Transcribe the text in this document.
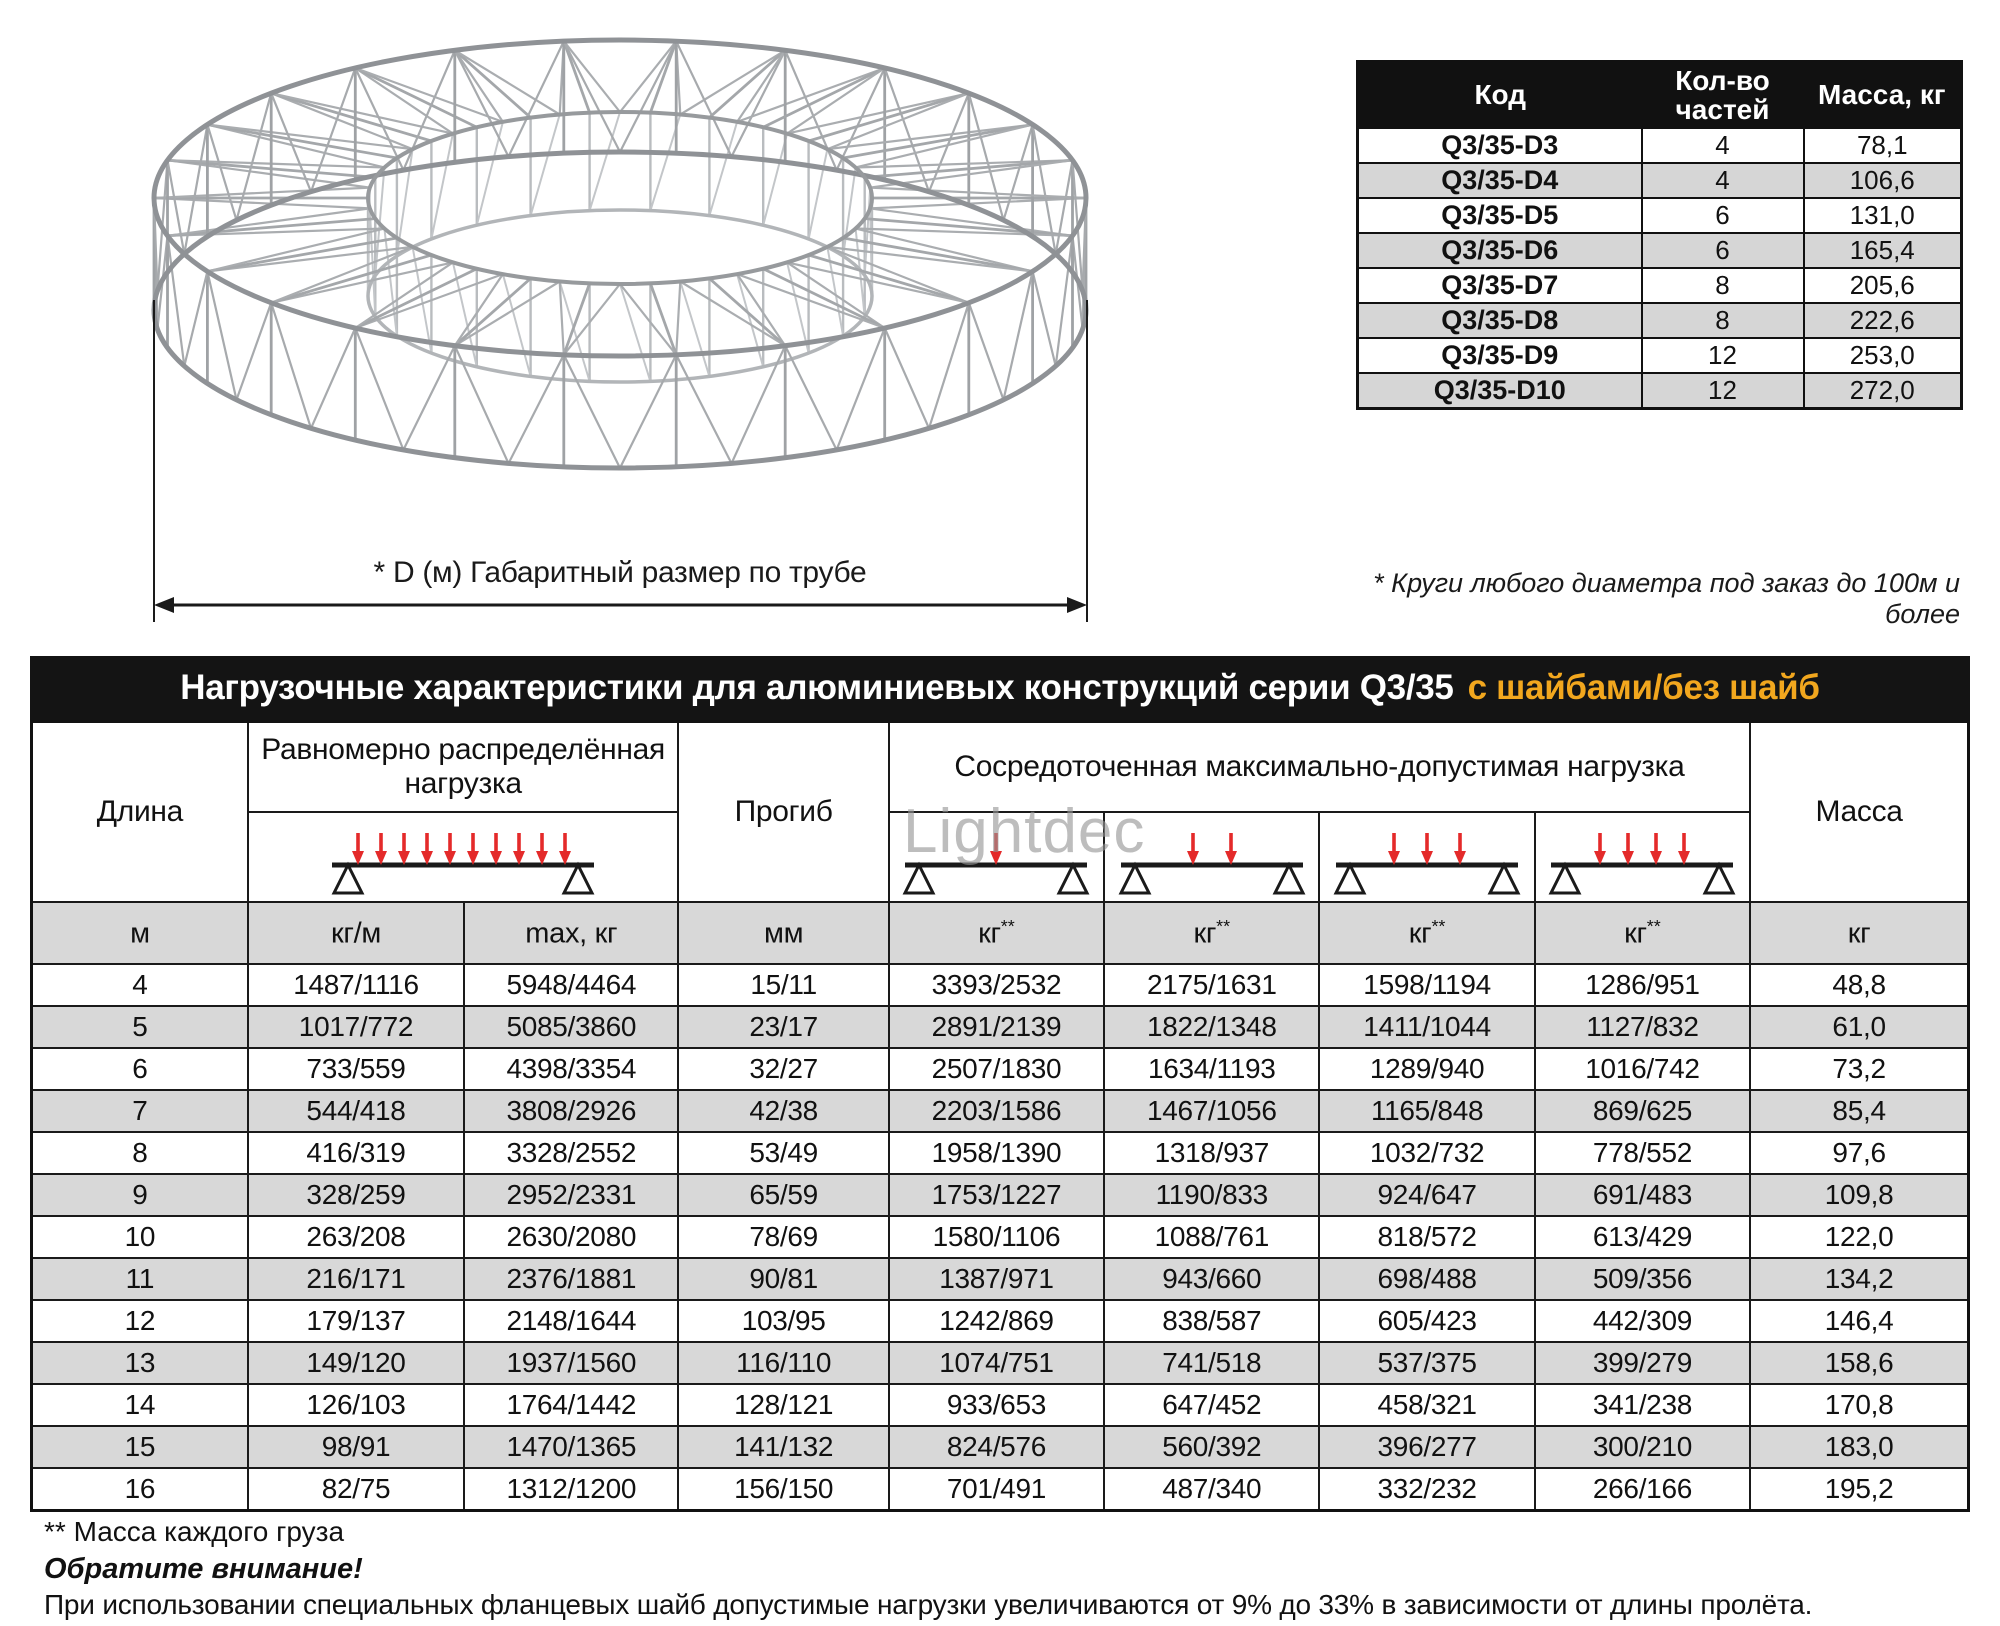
* D (м) Габаритный размер по трубе
Код	Кол-во частей	Масса, кг
Q3/35-D3	4	78,1
Q3/35-D4	4	106,6
Q3/35-D5	6	131,0
Q3/35-D6	6	165,4
Q3/35-D7	8	205,6
Q3/35-D8	8	222,6
Q3/35-D9	12	253,0
Q3/35-D10	12	272,0
* Круги любого диаметра под заказ до 100м и более
Нагрузочные характеристики для алюминиевых конструкций серии Q3/35 с шайбами/без шайб
Длина	Равномерно распределённая нагрузка		Прогиб	Сосредоточенная максимально-допустимая нагрузка				Масса

м	кг/м	max, кг	мм	кг**	кг**	кг**	кг**	кг
4	1487/1116	5948/4464	15/11	3393/2532	2175/1631	1598/1194	1286/951	48,8
5	1017/772	5085/3860	23/17	2891/2139	1822/1348	1411/1044	1127/832	61,0
6	733/559	4398/3354	32/27	2507/1830	1634/1193	1289/940	1016/742	73,2
7	544/418	3808/2926	42/38	2203/1586	1467/1056	1165/848	869/625	85,4
8	416/319	3328/2552	53/49	1958/1390	1318/937	1032/732	778/552	97,6
9	328/259	2952/2331	65/59	1753/1227	1190/833	924/647	691/483	109,8
10	263/208	2630/2080	78/69	1580/1106	1088/761	818/572	613/429	122,0
11	216/171	2376/1881	90/81	1387/971	943/660	698/488	509/356	134,2
12	179/137	2148/1644	103/95	1242/869	838/587	605/423	442/309	146,4
13	149/120	1937/1560	116/110	1074/751	741/518	537/375	399/279	158,6
14	126/103	1764/1442	128/121	933/653	647/452	458/321	341/238	170,8
15	98/91	1470/1365	141/132	824/576	560/392	396/277	300/210	183,0
16	82/75	1312/1200	156/150	701/491	487/340	332/232	266/166	195,2
Lightdec
** Масса каждого груза
Обратите внимание!
При использовании специальных фланцевых шайб допустимые нагрузки увеличиваются от 9% до 33% в зависимости от длины пролёта.
